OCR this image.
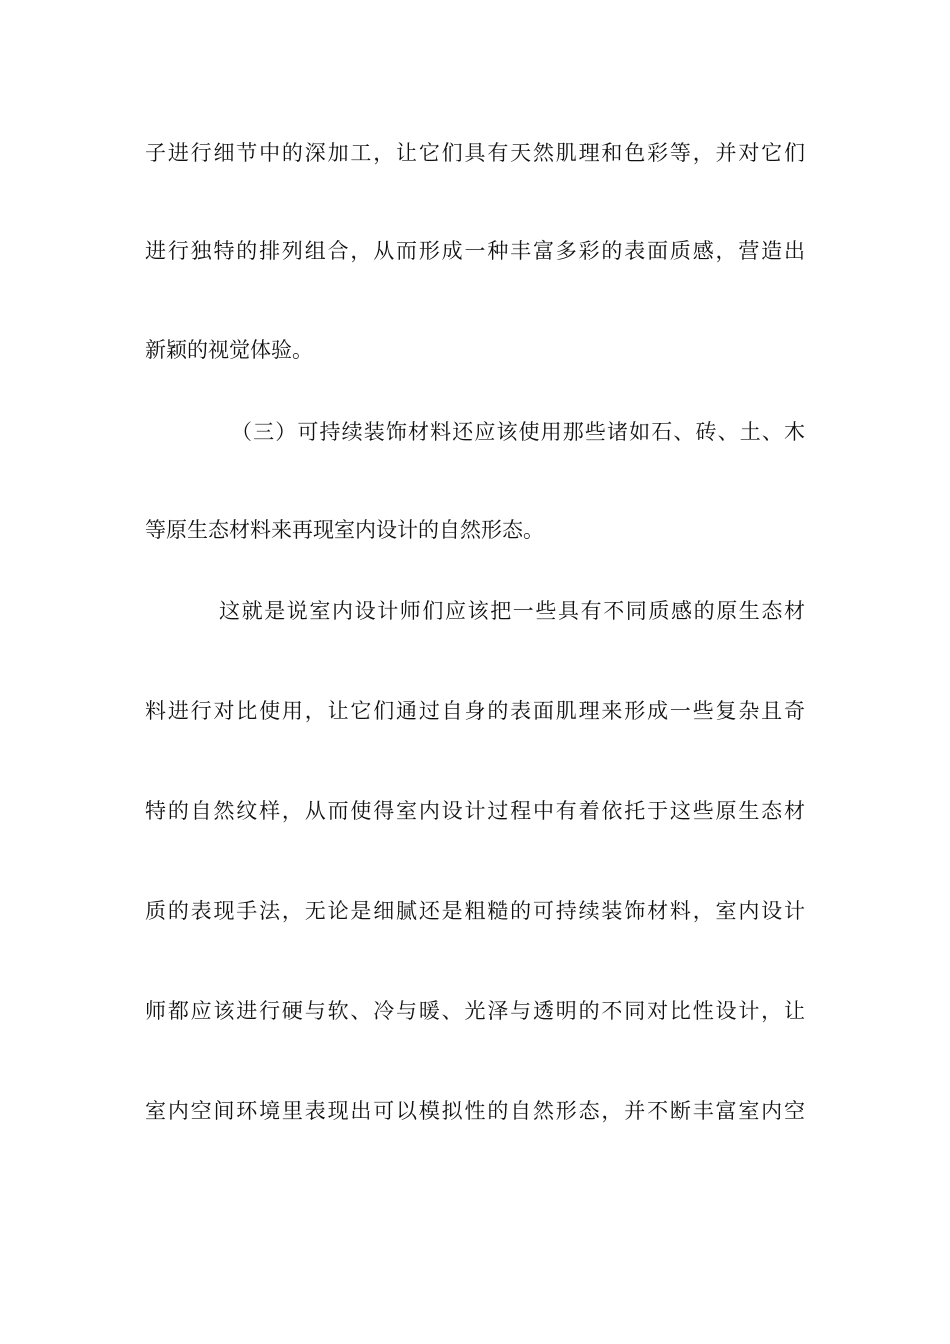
子进行细节中的深加工，让它们具有天然肌理和色彩等，并对它们
进行独特的排列组合，从而形成一种丰富多彩的表面质感，营造出
新颖的视觉体验。
（三）可持续装饰材料还应该使用那些诸如石、砖、土、木
等原生态材料来再现室内设计的自然形态。
这就是说室内设计师们应该把一些具有不同质感的原生态材
料进行对比使用，让它们通过自身的表面肌理来形成一些复杂且奇
特的自然纹样，从而使得室内设计过程中有着依托于这些原生态材
质的表现手法，无论是细腻还是粗糙的可持续装饰材料，室内设计
师都应该进行硬与软、冷与暖、光泽与透明的不同对比性设计，让
室内空间环境里表现出可以模拟性的自然形态，并不断丰富室内空
